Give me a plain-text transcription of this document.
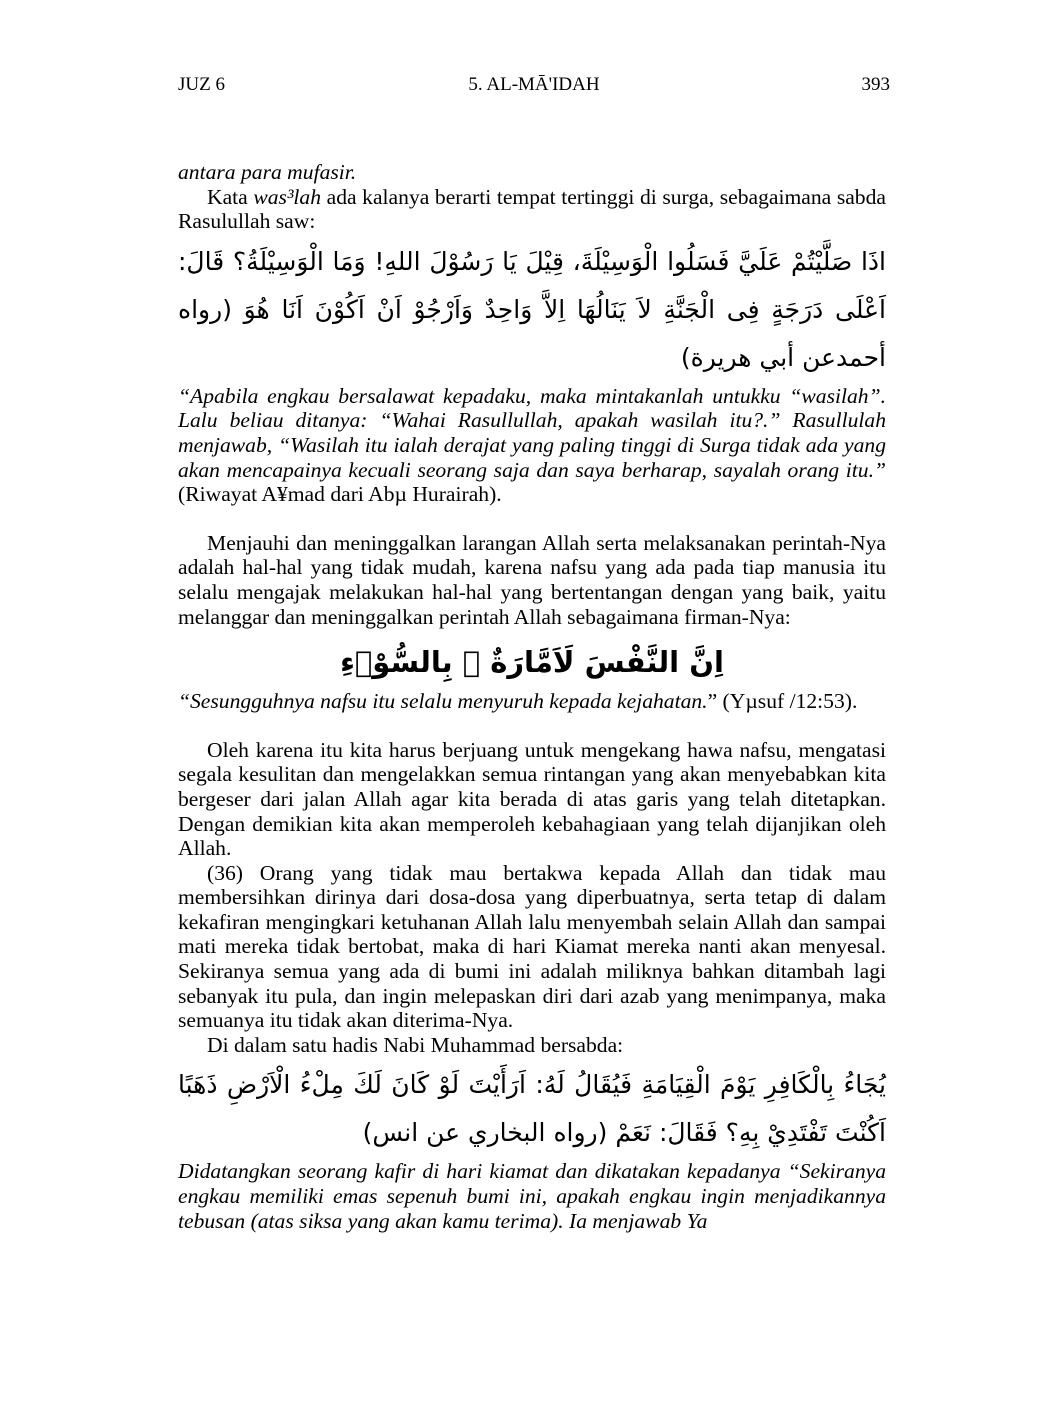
JUZ 6	5. AL-MĀ'IDAH	393

antara para mufasir.

Kata was³lah ada kalanya berarti tempat tertinggi di surga, sebagaimana sabda Rasulullah saw:

اذَا صَلَّيْتُمْ عَلَيَّ فَسَلُوا الْوَسِيْلَةَ، قِيْلَ يَا رَسُوْلَ اللهِ! وَمَا الْوَسِيْلَةُ؟ قَالَ: اَعْلَى دَرَجَةٍ فِى الْجَنَّةِ لاَ يَنَالُهَا اِلاَّ وَاحِدٌ وَاَرْجُوْ اَنْ اَكُوْنَ اَنَا هُوَ (رواه أحمدعن أبي هريرة)

“Apabila engkau bersalawat kepadaku, maka mintakanlah untukku “wasilah”. Lalu beliau ditanya: “Wahai Rasullullah, apakah wasilah itu?.” Rasullulah menjawab, “Wasilah itu ialah derajat yang paling tinggi di Surga tidak ada yang akan mencapainya kecuali seorang saja dan saya berharap, sayalah orang itu.” (Riwayat A¥mad dari Abµ Hurairah).

Menjauhi dan meninggalkan larangan Allah serta melaksanakan perintah-Nya adalah hal-hal yang tidak mudah, karena nafsu yang ada pada tiap manusia itu selalu mengajak melakukan hal-hal yang bertentangan dengan yang baik, yaitu melanggar dan meninggalkan perintah Allah sebagaimana firman-Nya:

اِنَّ النَّفْسَ لَاَمَّارَةٌ ۢ بِالسُّوْۤءِ

“Sesungguhnya nafsu itu selalu menyuruh kepada kejahatan.” (Yµsuf /12:53).

Oleh karena itu kita harus berjuang untuk mengekang hawa nafsu, mengatasi segala kesulitan dan mengelakkan semua rintangan yang akan menyebabkan kita bergeser dari jalan Allah agar kita berada di atas garis yang telah ditetapkan. Dengan demikian kita akan memperoleh kebahagiaan yang telah dijanjikan oleh Allah.

(36) Orang yang tidak mau bertakwa kepada Allah dan tidak mau membersihkan dirinya dari dosa-dosa yang diperbuatnya, serta tetap di dalam kekafiran mengingkari ketuhanan Allah lalu menyembah selain Allah dan sampai mati mereka tidak bertobat, maka di hari Kiamat mereka nanti akan menyesal. Sekiranya semua yang ada di bumi ini adalah miliknya bahkan ditambah lagi sebanyak itu pula, dan ingin melepaskan diri dari azab yang menimpanya, maka semuanya itu tidak akan diterima-Nya.

Di dalam satu hadis Nabi Muhammad bersabda:

يُجَاءُ بِالْكَافِرِ يَوْمَ الْقِيَامَةِ فَيُقَالُ لَهُ: اَرَأَيْتَ لَوْ كَانَ لَكَ مِلْءُ الْاَرْضِ ذَهَبًا اَكُنْتَ تَفْتَدِيْ بِهِ؟ فَقَالَ: نَعَمْ (رواه البخاري عن انس)

Didatangkan seorang kafir di hari kiamat dan dikatakan kepadanya “Sekiranya engkau memiliki emas sepenuh bumi ini, apakah engkau ingin menjadikannya tebusan (atas siksa yang akan kamu terima). Ia menjawab Ya
